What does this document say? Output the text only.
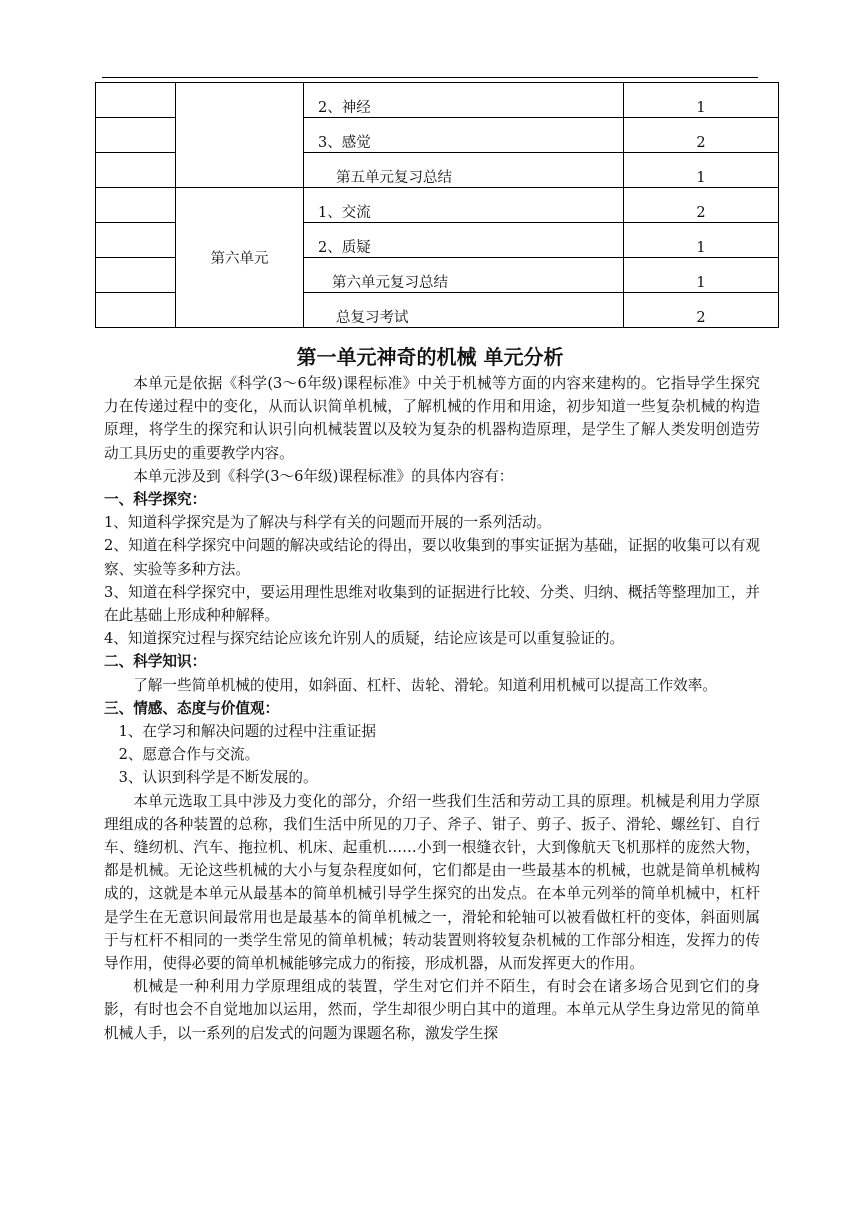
		2、神经	1

		3、感觉	2

		第五单元复习总结	1

	第六单元	1、交流	2

		2、质疑	1

		第六单元复习总结	1

		总复习考试	2
第一单元神奇的机械 单元分析

本单元是依据《科学(3～6年级)课程标准》中关于机械等方面的内容来建构的。它指导学生探究力在传递过程中的变化，从而认识简单机械，了解机械的作用和用途，初步知道一些复杂机械的构造原理，将学生的探究和认识引向机械装置以及较为复杂的机器构造原理，是学生了解人类发明创造劳动工具历史的重要教学内容。

本单元涉及到《科学(3～6年级)课程标准》的具体内容有：

一、科学探究：

1、知道科学探究是为了解决与科学有关的问题而开展的一系列活动。

2、知道在科学探究中问题的解决或结论的得出，要以收集到的事实证据为基础，证据的收集可以有观察、实验等多种方法。

3、知道在科学探究中，要运用理性思维对收集到的证据进行比较、分类、归纳、概括等整理加工，并在此基础上形成种种解释。

4、知道探究过程与探究结论应该允许别人的质疑，结论应该是可以重复验证的。

二、科学知识：

了解一些简单机械的使用，如斜面、杠杆、齿轮、滑轮。知道利用机械可以提高工作效率。

三、情感、态度与价值观：

1、在学习和解决问题的过程中注重证据

2、愿意合作与交流。

3、认识到科学是不断发展的。

本单元选取工具中涉及力变化的部分，介绍一些我们生活和劳动工具的原理。机械是利用力学原理组成的各种装置的总称，我们生活中所见的刀子、斧子、钳子、剪子、扳子、滑轮、螺丝钉、自行车、缝纫机、汽车、拖拉机、机床、起重机……小到一根缝衣针，大到像航天飞机那样的庞然大物，都是机械。无论这些机械的大小与复杂程度如何，它们都是由一些最基本的机械，也就是简单机械构成的，这就是本单元从最基本的简单机械引导学生探究的出发点。在本单元列举的简单机械中，杠杆是学生在无意识间最常用也是最基本的简单机械之一，滑轮和轮轴可以被看做杠杆的变体，斜面则属于与杠杆不相同的一类学生常见的简单机械；转动装置则将较复杂机械的工作部分相连，发挥力的传导作用，使得必要的简单机械能够完成力的衔接，形成机器，从而发挥更大的作用。

机械是一种利用力学原理组成的装置，学生对它们并不陌生，有时会在诸多场合见到它们的身影，有时也会不自觉地加以运用，然而，学生却很少明白其中的道理。本单元从学生身边常见的简单机械人手，以一系列的启发式的问题为课题名称，激发学生探
